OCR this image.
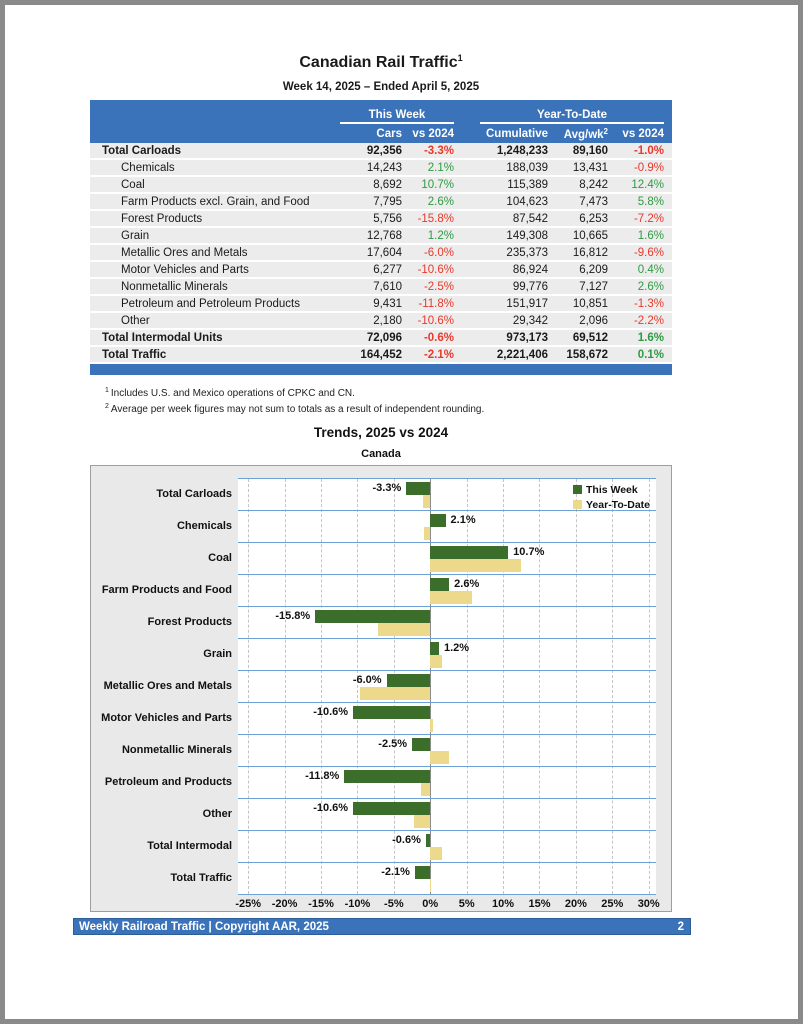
Canadian Rail Traffic$^1$
Week 14, 2025 – Ended April 5, 2025
This Week	Year-To-Date
Cars vs 2024	Cumulative	Avg/$wk^2$	vs 2024
Total Carloads	92,356	-3.3%	1,248,233	89,160	-1.0%
Chemicals	14,243	2.1%	188,039	13,431	-0.9%
Coal	8,692	10.7%	115,389	8,242	12.4%
Farm Products excl. Grain, and Food	7,795	2.6%	104,623	7,473	5.8%
Forest Products	5,756	-15.8%	87,542	6,253	-7.2%
Grain	12,768	1.2%	149,308	10,665	1.6%
Metallic Ores and Metals	17,604	-6.0%	235,373	16,812	-9.6%
Motor Vehicles and Parts	6,277	-10.6%	86,924	6,209	0.4%
Nonmetallic Minerals	7,610	-2.5%	99,776	7,127	2.6%
Petroleum and Petroleum Products	9,431	-11.8%	151,917	10,851	-1.3%
Other	2,180	-10.6%	29,342	2,096	-2.2%
Total Intermodal Units	72,096	-0.6%	973,173	69,512	1.6%
Total Traffic	164,452	-2.1%	2,221,406	158,672	0.1%
$^1$ Includes U.S. and Mexico operations of CPKC and CN.
$^2$ Average per week figures may not sum to totals as a result of independent rounding.
Trends, 2025 vs 2024
Canada
Total Carloads
Chemicals
Coal
Farm Products and Food
Forest Products
Grain
Metallic Ores and Metals
Motor Vehicles and Parts
Nonmetallic Minerals
Petroleum and Products
Other
Total Intermodal
Total Traffic
This Week
Year-To-Date
-3.3%
2.1%
10.7%
2.6%
-15.8%
1.2%
-6.0%
-10.6%
-2.5%
-11.8%
-10.6%
-0.6%
-2.1%
-25% -20% -15% -10%	-5%	0%	5%	10%	15%	20%	25%	30%
Weekly Railroad Traffic | Copyright AAR, 2025	2
